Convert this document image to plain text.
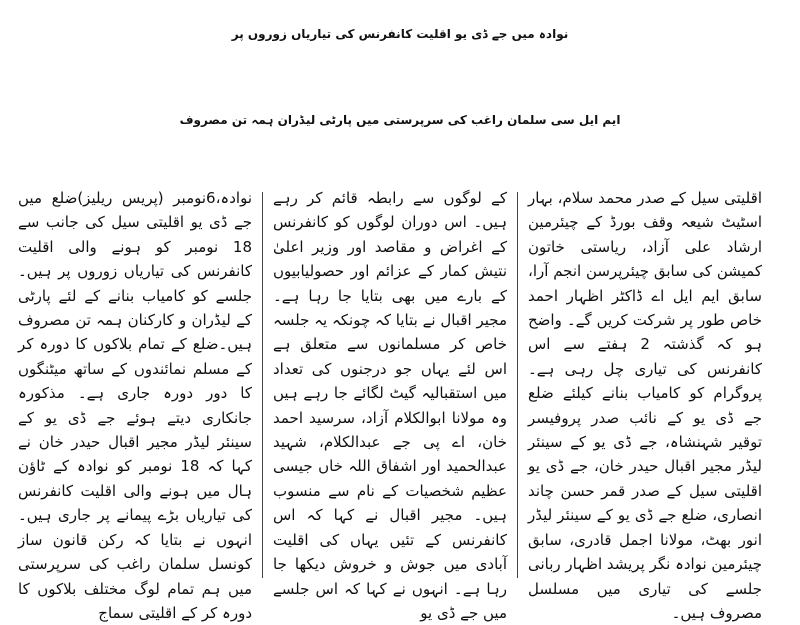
نوادہ میں جے ڈی یو اقلیت کانفرنس کی تیاریاں زوروں پر
ایم ایل سی سلمان راغب کی سرپرستی میں پارٹی لیڈران ہمہ تن مصروف
نوادہ،6نومبر (پریس ریلیز)ضلع میں جے ڈی یو اقلیتی سیل کی جانب سے 18 نومبر کو ہونے والی اقلیت کانفرنس کی تیاریاں زوروں پر ہیں۔ جلسے کو کامیاب بنانے کے لئے پارٹی کے لیڈران و کارکنان ہمہ تن مصروف ہیں۔ضلع کے تمام بلاکوں کا دورہ کر کے مسلم نمائندوں کے ساتھ میٹنگوں کا دور دورہ جاری ہے۔ مذکورہ جانکاری دیتے ہوئے جے ڈی یو کے سینئر لیڈر مجیر اقبال حیدر خان نے کہا کہ 18 نومبر کو نوادہ کے ٹاؤن ہال میں ہونے والی اقلیت کانفرنس کی تیاریاں بڑے پیمانے پر جاری ہیں۔ انہوں نے بتایا کہ رکن قانون ساز کونسل سلمان راغب کی سرپرستی میں ہم تمام لوگ مختلف بلاکوں کا دورہ کر کے اقلیتی سماج
کے لوگوں سے رابطہ قائم کر رہے ہیں۔ اس دوران لوگوں کو کانفرنس کے اغراض و مقاصد اور وزیر اعلیٰ نتیش کمار کے عزائم اور حصولیابیوں کے بارے میں بھی بتایا جا رہا ہے۔ مجیر اقبال نے بتایا کہ چونکہ یہ جلسہ خاص کر مسلمانوں سے متعلق ہے اس لئے یہاں جو درجنوں کی تعداد میں استقبالیہ گیٹ لگائے جا رہے ہیں وہ مولانا ابوالکلام آزاد، سرسید احمد خان، اے پی جے عبدالکلام، شہید عبدالحمید اور اشفاق اللہ خاں جیسی عظیم شخصیات کے نام سے منسوب ہیں۔ مجیر اقبال نے کہا کہ اس کانفرنس کے تئیں یہاں کی اقلیت آبادی میں جوش و خروش دیکھا جا رہا ہے۔ انہوں نے کہا کہ اس جلسے میں جے ڈی یو
اقلیتی سیل کے صدر محمد سلام، بہار اسٹیٹ شیعہ وقف بورڈ کے چیئرمین ارشاد علی آزاد، ریاستی خاتون کمیشن کی سابق چیئرپرسن انجم آرا، سابق ایم ایل اے ڈاکٹر اظہار احمد خاص طور پر شرکت کریں گے۔ واضح ہو کہ گذشتہ 2 ہفتے سے اس کانفرنس کی تیاری چل رہی ہے۔ پروگرام کو کامیاب بنانے کیلئے ضلع جے ڈی یو کے نائب صدر پروفیسر توقیر شہنشاہ، جے ڈی یو کے سینئر لیڈر مجیر اقبال حیدر خان، جے ڈی یو اقلیتی سیل کے صدر قمر حسن چاند انصاری، ضلع جے ڈی یو کے سینئر لیڈر انور بھٹ، مولانا اجمل قادری، سابق چیئرمین نوادہ نگر پریشد اظہار ربانی جلسے کی تیاری میں مسلسل مصروف ہیں۔
